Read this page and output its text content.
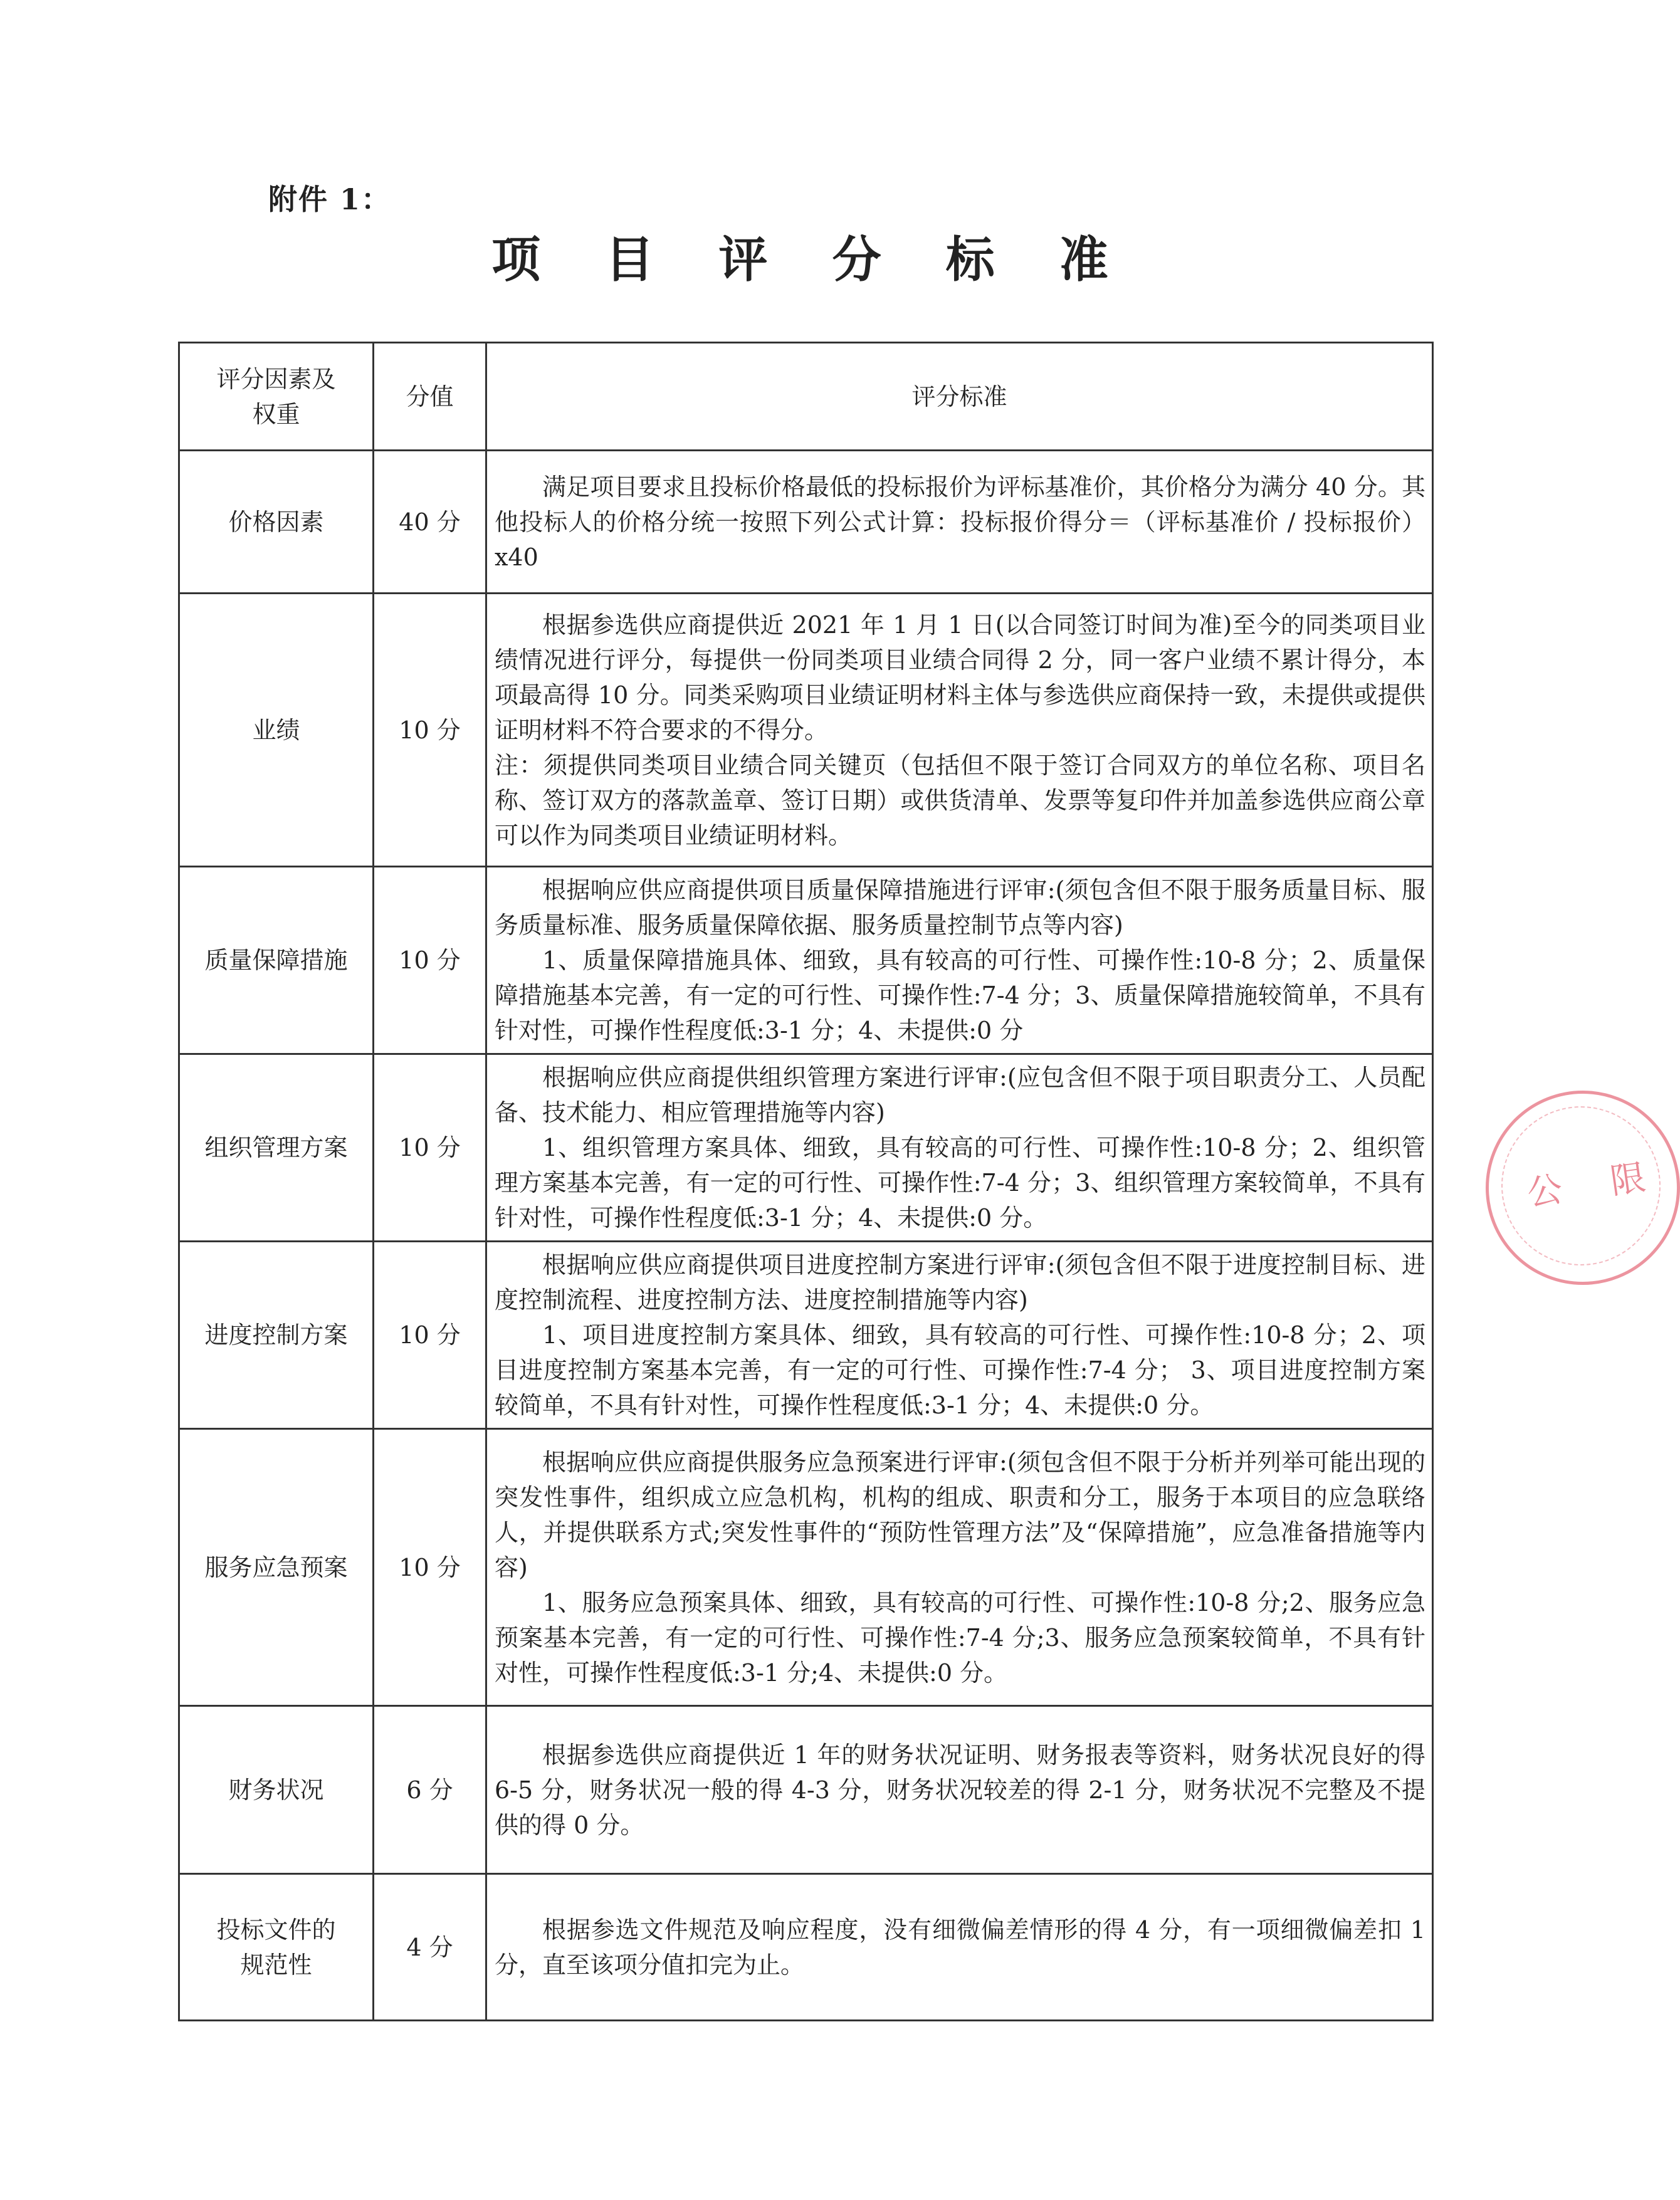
附件 1：
项 目 评 分 标 准
评分因素及
权重	分值	评分标准
价格因素	40 分	满足项目要求且投标价格最低的投标报价为评标基准价，其价格分为满分 40 分。其他投标人的价格分统一按照下列公式计算：投标报价得分＝（评标基准价 / 投标报价）x40

业绩	10 分	根据参选供应商提供近 2021 年 1 月 1 日(以合同签订时间为准)至今的同类项目业绩情况进行评分，每提供一份同类项目业绩合同得 2 分，同一客户业绩不累计得分，本项最高得 10 分。同类采购项目业绩证明材料主体与参选供应商保持一致，未提供或提供证明材料不符合要求的不得分。

注：须提供同类项目业绩合同关键页（包括但不限于签订合同双方的单位名称、项目名称、签订双方的落款盖章、签订日期）或供货清单、发票等复印件并加盖参选供应商公章可以作为同类项目业绩证明材料。

质量保障措施	10 分	根据响应供应商提供项目质量保障措施进行评审:(须包含但不限于服务质量目标、服务质量标准、服务质量保障依据、服务质量控制节点等内容)

1、质量保障措施具体、细致，具有较高的可行性、可操作性:10-8 分；2、质量保障措施基本完善，有一定的可行性、可操作性:7-4 分；3、质量保障措施较简单，不具有针对性，可操作性程度低:3-1 分；4、未提供:0 分

组织管理方案	10 分	根据响应供应商提供组织管理方案进行评审:(应包含但不限于项目职责分工、人员配备、技术能力、相应管理措施等内容)

1、组织管理方案具体、细致，具有较高的可行性、可操作性:10-8 分；2、组织管理方案基本完善，有一定的可行性、可操作性:7-4 分；3、组织管理方案较简单，不具有针对性，可操作性程度低:3-1 分；4、未提供:0 分。

进度控制方案	10 分	根据响应供应商提供项目进度控制方案进行评审:(须包含但不限于进度控制目标、进度控制流程、进度控制方法、进度控制措施等内容)

1、项目进度控制方案具体、细致，具有较高的可行性、可操作性:10-8 分；2、项目进度控制方案基本完善，有一定的可行性、可操作性:7-4 分； 3、项目进度控制方案较简单，不具有针对性，可操作性程度低:3-1 分；4、未提供:0 分。

服务应急预案	10 分	根据响应供应商提供服务应急预案进行评审:(须包含但不限于分析并列举可能出现的突发性事件，组织成立应急机构，机构的组成、职责和分工，服务于本项目的应急联络人，并提供联系方式;突发性事件的“预防性管理方法”及“保障措施”，应急准备措施等内容)

1、服务应急预案具体、细致，具有较高的可行性、可操作性:10-8 分;2、服务应急预案基本完善，有一定的可行性、可操作性:7-4 分;3、服务应急预案较简单，不具有针对性，可操作性程度低:3-1 分;4、未提供:0 分。

财务状况	6 分	根据参选供应商提供近 1 年的财务状况证明、财务报表等资料，财务状况良好的得 6-5 分，财务状况一般的得 4-3 分，财务状况较差的得 2-1 分，财务状况不完整及不提供的得 0 分。

投标文件的
规范性	4 分	根据参选文件规范及响应程度，没有细微偏差情形的得 4 分，有一项细微偏差扣 1 分，直至该项分值扣完为止。

公 限
